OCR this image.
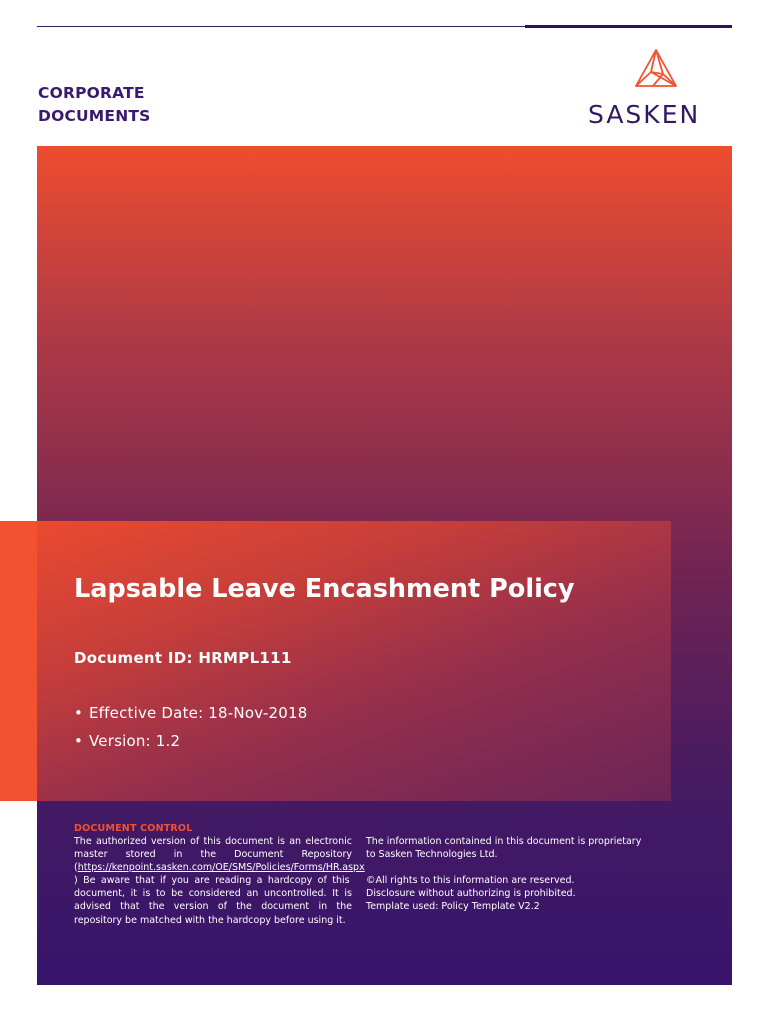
CORPORATE
DOCUMENTS	SASKEN
Lapsable Leave Encashment Policy
Document ID: HRMPL111
• Effective Date: 18-Nov-2018
• Version: 1.2
DOCUMENT CONTROL
The authorized version of this document is an electronic master stored in the Document Repository (https://kenpoint.sasken.com/OE/SMS/Policies/Forms/HR.aspx ) Be aware that if you are reading a hardcopy of this document, it is to be considered an uncontrolled. It is advised that the version of the document in the repository be matched with the hardcopy before using it.

The information contained in this document is proprietary to Sasken Technologies Ltd.

©All rights to this information are reserved.

Disclosure without authorizing is prohibited.

Template used: Policy Template V2.2
